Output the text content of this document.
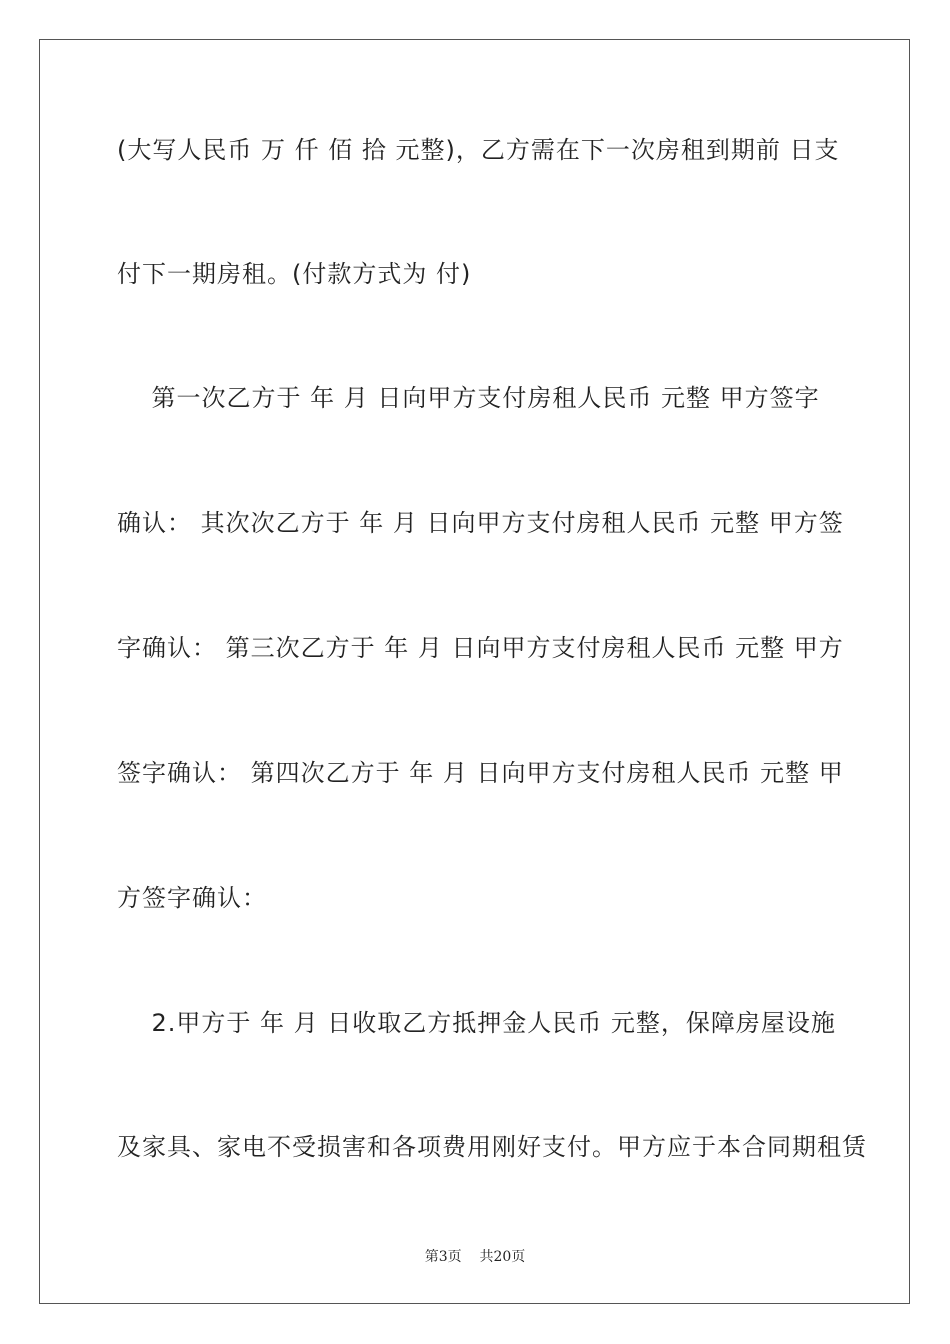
(大写人民币 万 仟 佰 拾 元整)，乙方需在下一次房租到期前 日支
付下一期房租。(付款方式为 付)
第一次乙方于 年 月 日向甲方支付房租人民币 元整 甲方签字
确认： 其次次乙方于 年 月 日向甲方支付房租人民币 元整 甲方签
字确认： 第三次乙方于 年 月 日向甲方支付房租人民币 元整 甲方
签字确认： 第四次乙方于 年 月 日向甲方支付房租人民币 元整 甲
方签字确认：
2.甲方于 年 月 日收取乙方抵押金人民币 元整，保障房屋设施
及家具、家电不受损害和各项费用刚好支付。甲方应于本合同期租赁
第3页    共20页
